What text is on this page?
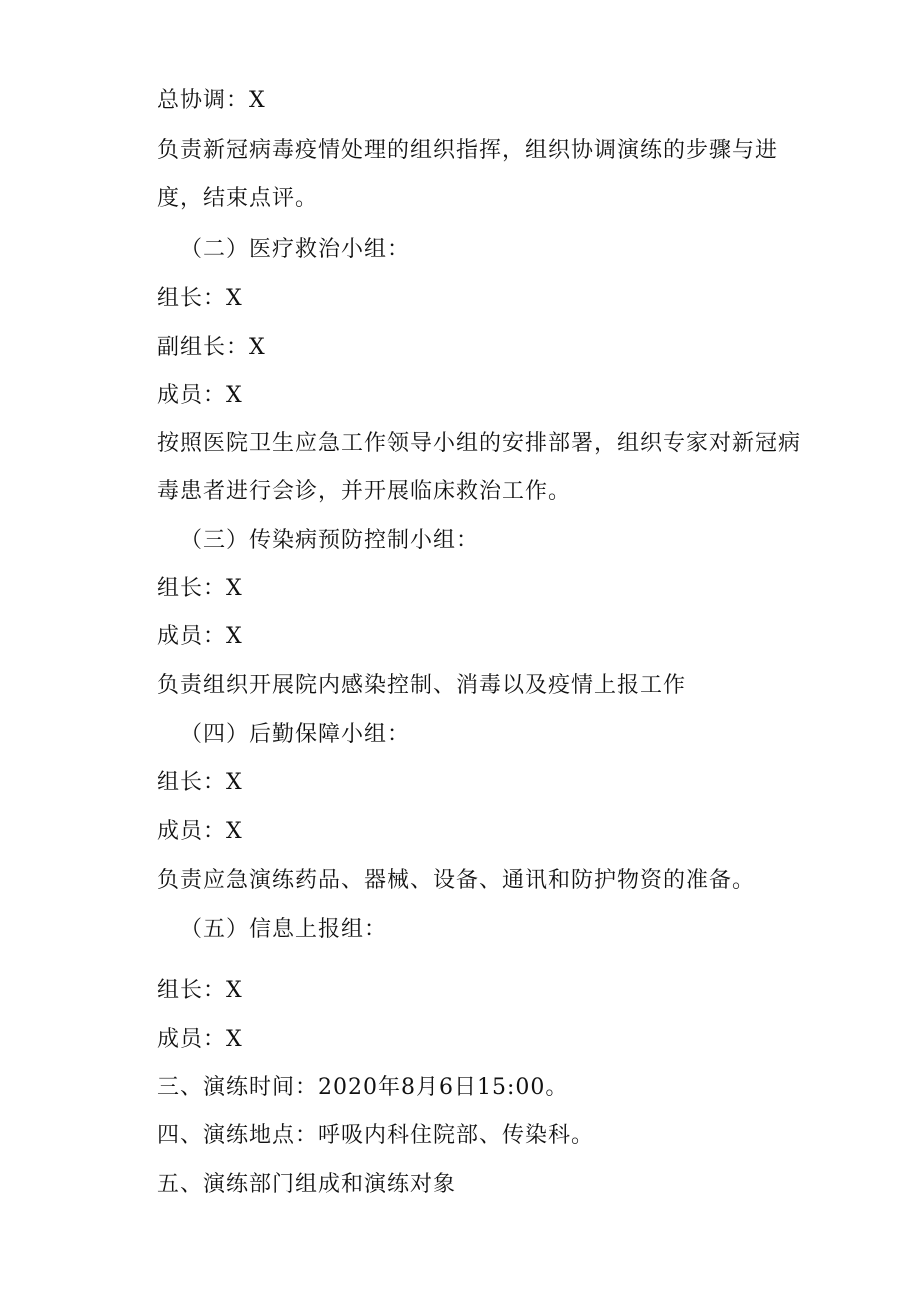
总协调：X
负责新冠病毒疫情处理的组织指挥，组织协调演练的步骤与进
度，结束点评。
（二）医疗救治小组：
组长：X
副组长：X
成员：X
按照医院卫生应急工作领导小组的安排部署，组织专家对新冠病
毒患者进行会诊，并开展临床救治工作。
（三）传染病预防控制小组：
组长：X
成员：X
负责组织开展院内感染控制、消毒以及疫情上报工作
（四）后勤保障小组：
组长：X
成员：X
负责应急演练药品、器械、设备、通讯和防护物资的准备。
（五）信息上报组：
组长：X
成员：X
三、演练时间：2020年8月6日15:00。
四、演练地点：呼吸内科住院部、传染科。
五、演练部门组成和演练对象
